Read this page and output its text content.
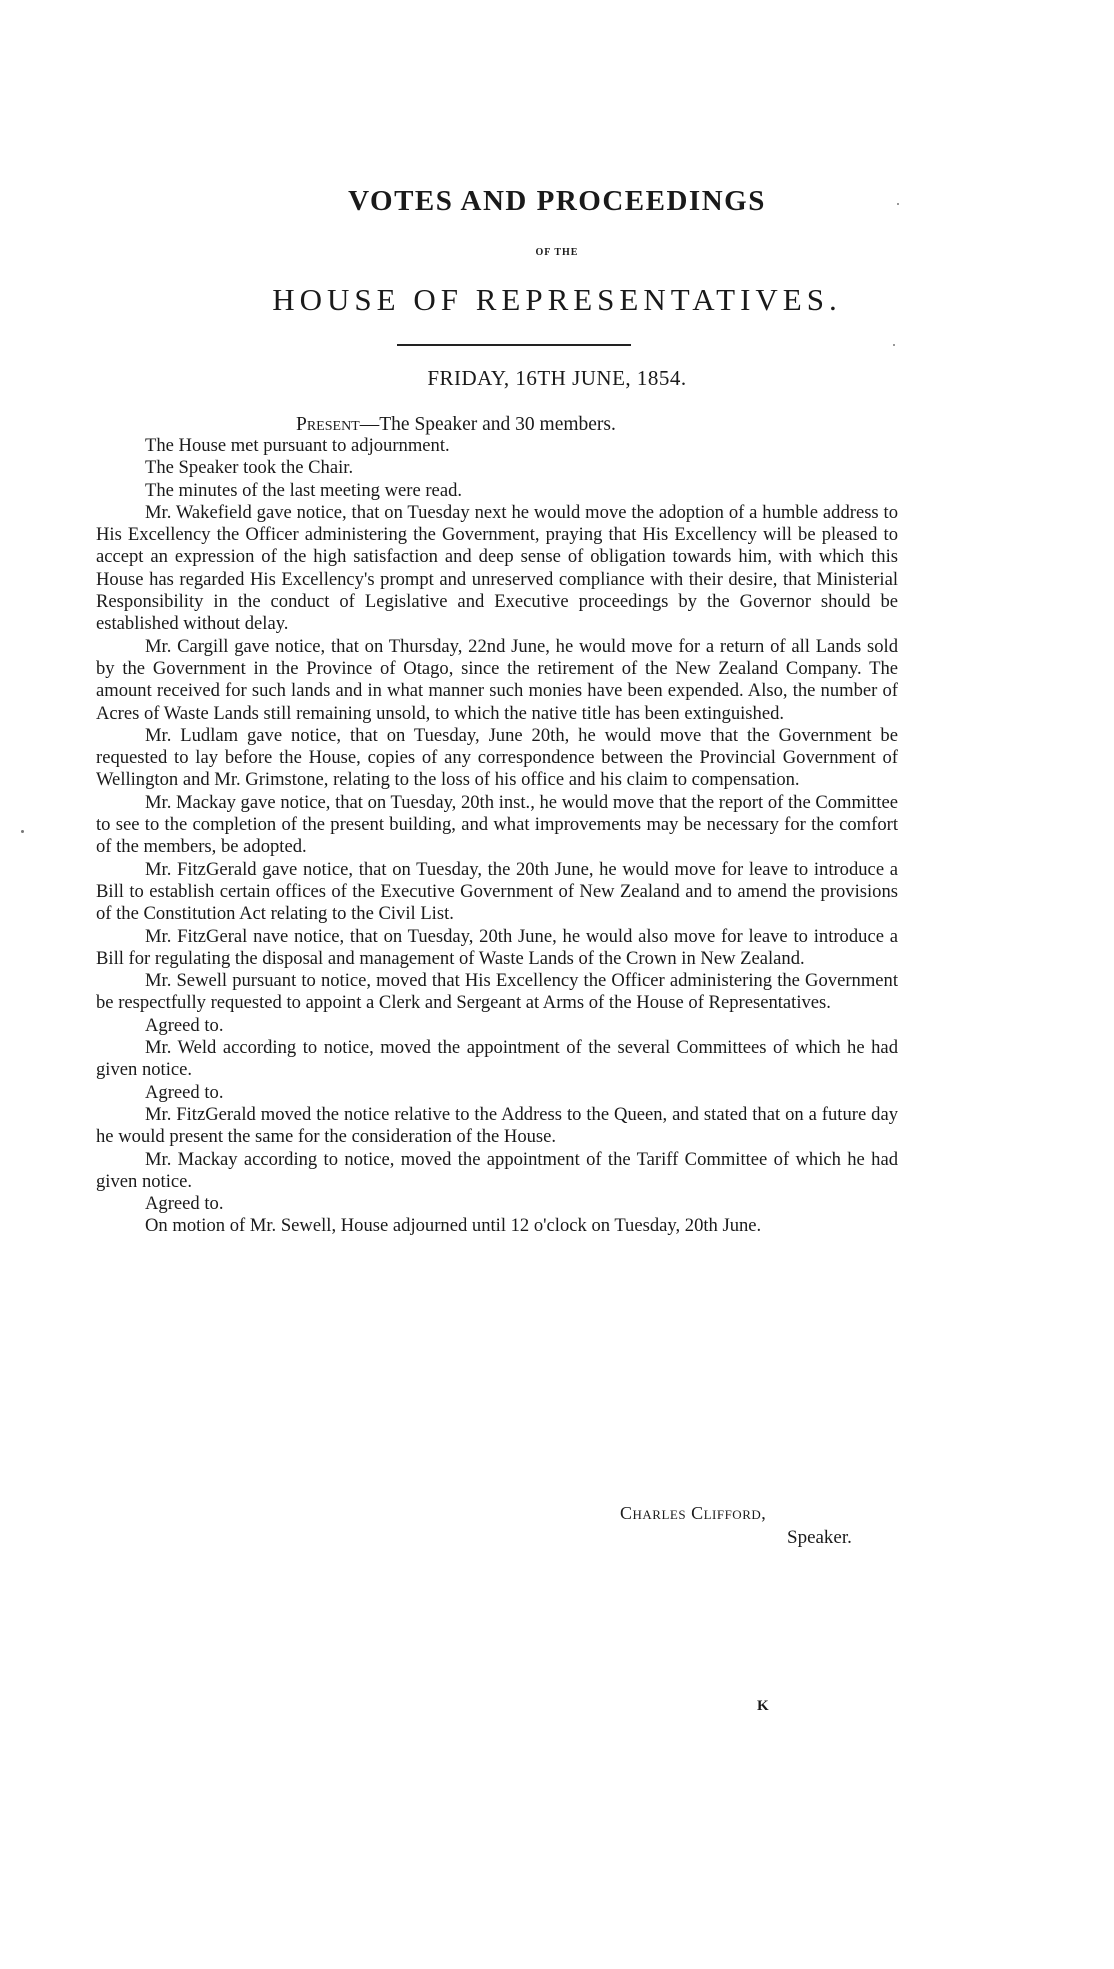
VOTES AND PROCEEDINGS
OF THE
HOUSE OF REPRESENTATIVES.
FRIDAY, 16TH JUNE, 1854.
Present—The Speaker and 30 members.

The House met pursuant to adjournment.

The Speaker took the Chair.

The minutes of the last meeting were read.

Mr. Wakefield gave notice, that on Tuesday next he would move the adoption of a humble address to His Excellency the Officer administering the Government, praying that His Excellency will be pleased to accept an expression of the high satisfaction and deep sense of obligation towards him, with which this House has regarded His Excellency's prompt and unreserved compliance with their desire, that Ministerial Responsibility in the conduct of Legislative and Executive proceedings by the Governor should be established without delay.

Mr. Cargill gave notice, that on Thursday, 22nd June, he would move for a return of all Lands sold by the Government in the Province of Otago, since the retirement of the New Zealand Company. The amount received for such lands and in what manner such monies have been expended. Also, the number of Acres of Waste Lands still remaining unsold, to which the native title has been extinguished.

Mr. Ludlam gave notice, that on Tuesday, June 20th, he would move that the Government be requested to lay before the House, copies of any correspondence between the Provincial Government of Wellington and Mr. Grimstone, relating to the loss of his office and his claim to compensation.

Mr. Mackay gave notice, that on Tuesday, 20th inst., he would move that the report of the Committee to see to the completion of the present building, and what improvements may be necessary for the comfort of the members, be adopted.

Mr. FitzGerald gave notice, that on Tuesday, the 20th June, he would move for leave to introduce a Bill to establish certain offices of the Executive Government of New Zealand and to amend the provisions of the Constitution Act relating to the Civil List.

Mr. FitzGeral nave notice, that on Tuesday, 20th June, he would also move for leave to introduce a Bill for regulating the disposal and management of Waste Lands of the Crown in New Zealand.

Mr. Sewell pursuant to notice, moved that His Excellency the Officer administering the Government be respectfully requested to appoint a Clerk and Sergeant at Arms of the House of Representatives.

Agreed to.

Mr. Weld according to notice, moved the appointment of the several Committees of which he had given notice.

Agreed to.

Mr. FitzGerald moved the notice relative to the Address to the Queen, and stated that on a future day he would present the same for the consideration of the House.

Mr. Mackay according to notice, moved the appointment of the Tariff Committee of which he had given notice.

Agreed to.

On motion of Mr. Sewell, House adjourned until 12 o'clock on Tuesday, 20th June.

Charles Clifford,
Speaker.
K
